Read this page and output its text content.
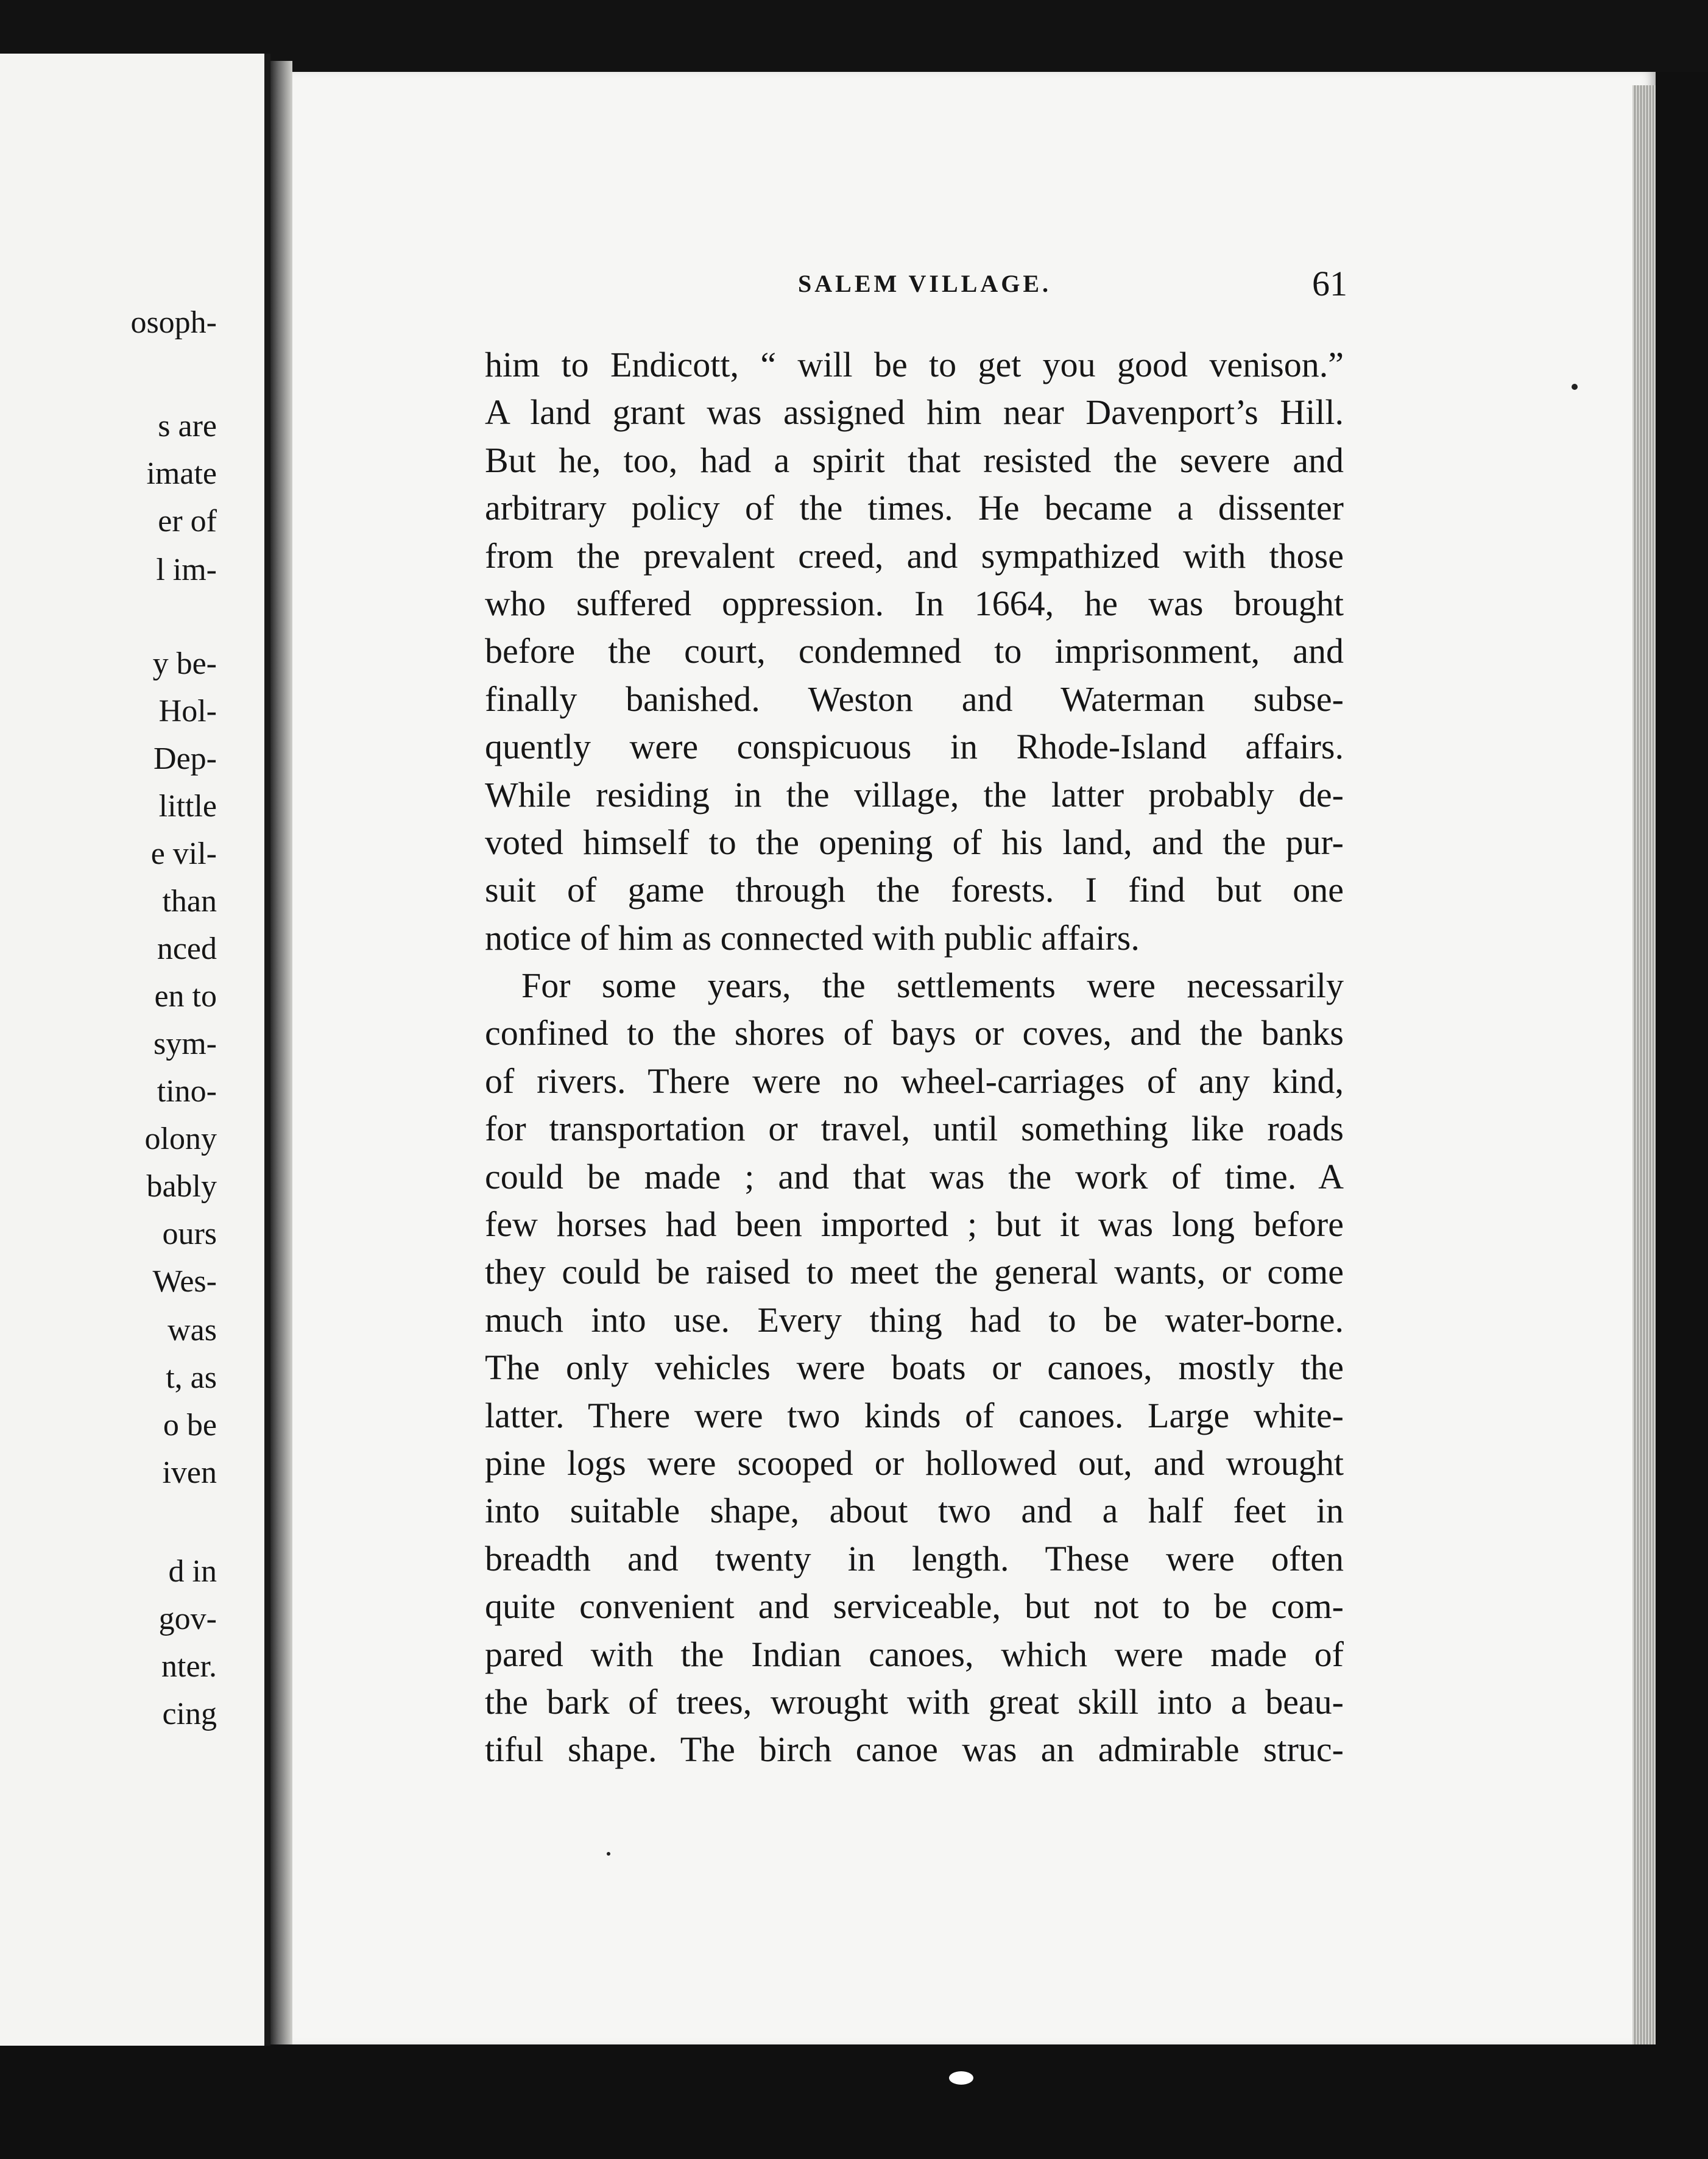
osoph-
s are
imate
er of
l im-
y be-
Hol-
Dep-
little
e vil-
than
nced
en to
sym-
tino-
olony
bably
ours
Wes-
was
t, as
o be
iven
d in
gov-
nter.
cing
SALEM VILLAGE.	61
him to Endicott, “ will be to get you good venison.”
A land grant was assigned him near Davenport’s Hill.
But he, too, had a spirit that resisted the severe and
arbitrary policy of the times. He became a dissenter
from the prevalent creed, and sympathized with those
who suffered oppression. In 1664, he was brought
before the court, condemned to imprisonment, and
finally banished. Weston and Waterman subse-
quently were conspicuous in Rhode-Island affairs.
While residing in the village, the latter probably de-
voted himself to the opening of his land, and the pur-
suit of game through the forests. I find but one
notice of him as connected with public affairs.
For some years, the settlements were necessarily
confined to the shores of bays or coves, and the banks
of rivers. There were no wheel-carriages of any kind,
for transportation or travel, until something like roads
could be made ; and that was the work of time. A
few horses had been imported ; but it was long before
they could be raised to meet the general wants, or come
much into use. Every thing had to be water-borne.
The only vehicles were boats or canoes, mostly the
latter. There were two kinds of canoes. Large white-
pine logs were scooped or hollowed out, and wrought
into suitable shape, about two and a half feet in
breadth and twenty in length. These were often
quite convenient and serviceable, but not to be com-
pared with the Indian canoes, which were made of
the bark of trees, wrought with great skill into a beau-
tiful shape. The birch canoe was an admirable struc-
